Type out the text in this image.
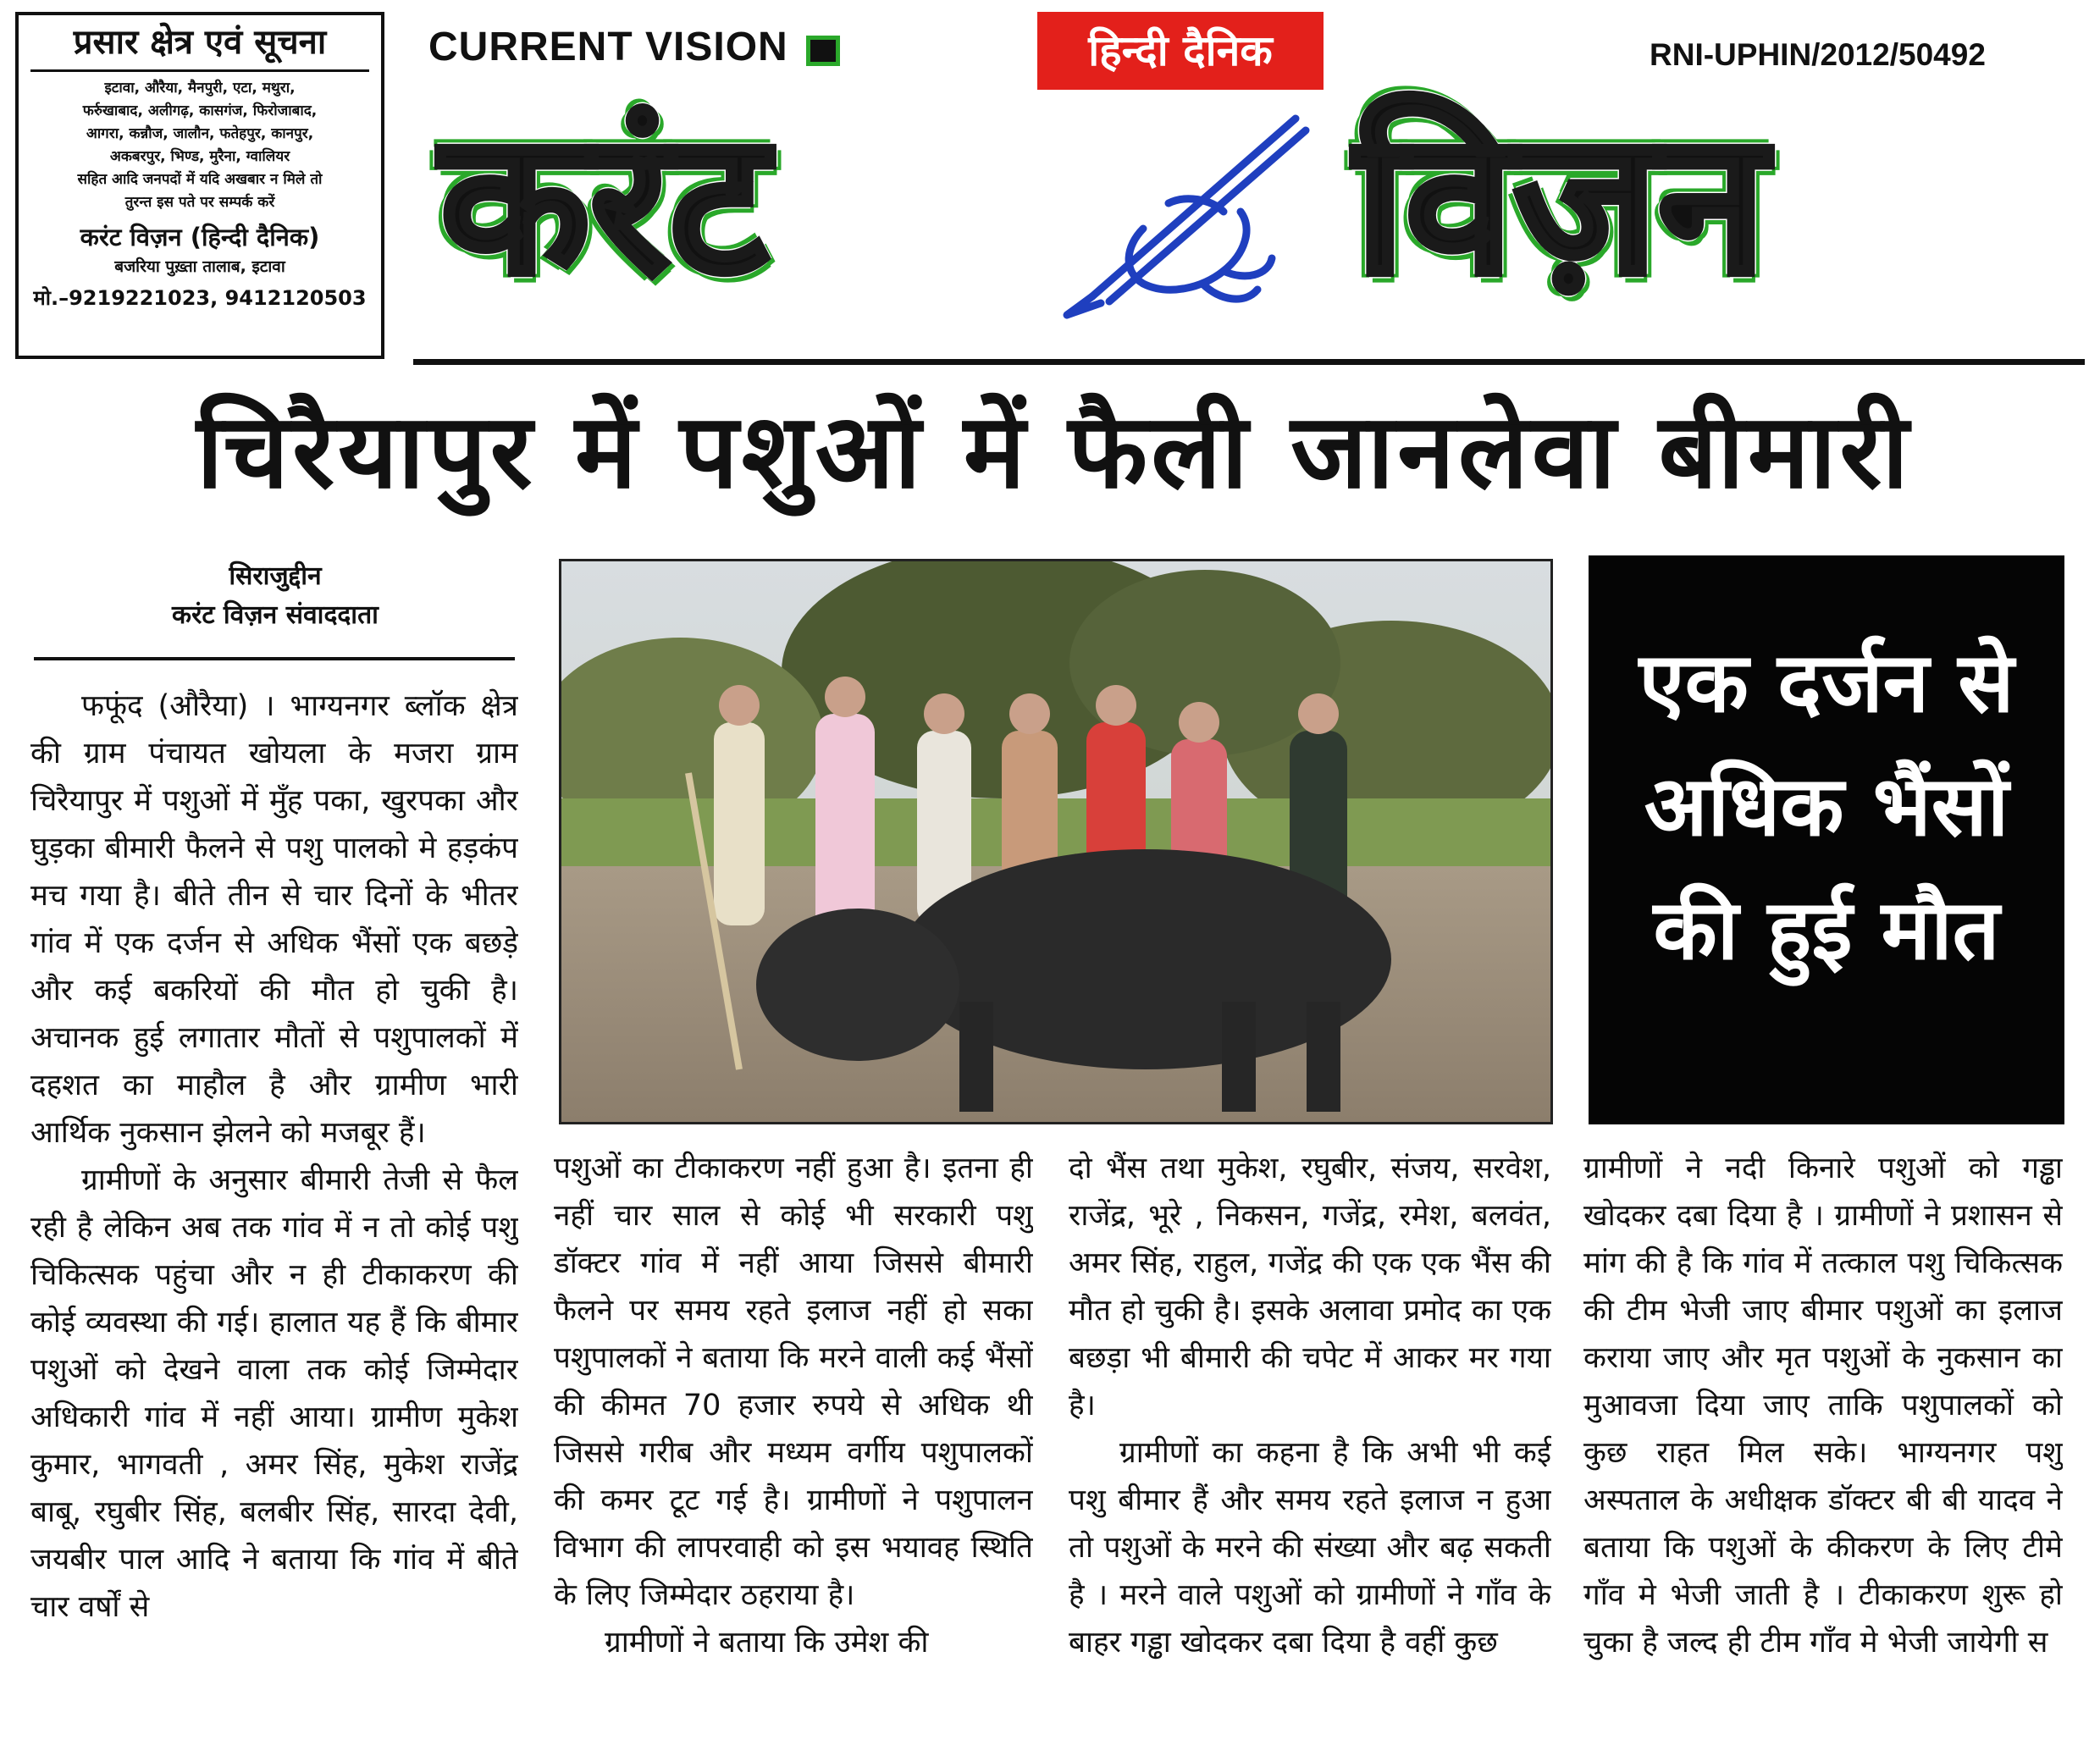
प्रसार क्षेत्र एवं सूचना
इटावा, औरैया, मैनपुरी, एटा, मथुरा,
फर्रुखाबाद, अलीगढ़, कासगंज, फिरोजाबाद,
आगरा, कन्नौज, जालौन, फतेहपुर, कानपुर,
अकबरपुर, भिण्ड, मुरैना, ग्वालियर
सहित आदि जनपदों में यदि अखबार न मिले तो
तुरन्त इस पते पर सम्पर्क करें
करंट विज़न (हिन्दी दैनिक)
बजरिया पुख़्ता तालाब, इटावा
मो.–9219221023, 9412120503
CURRENT VISION	हिन्दी दैनिक	RNI-UPHIN/2012/50492
करंट	विज़न
चिरैयापुर में पशुओं में फैली जानलेवा बीमारी
सिराजुद्दीन
करंट विज़न संवाददाता

फफूंद (औरैया) । भाग्यनगर ब्लॉक क्षेत्र की ग्राम पंचायत खोयला के मजरा ग्राम चिरैयापुर में पशुओं में मुँह पका, खुरपका और घुड़का बीमारी फैलने से पशु पालको मे हड़कंप मच गया है। बीते तीन से चार दिनों के भीतर गांव में एक दर्जन से अधिक भैंसों एक बछड़े और कई बकरियों की मौत हो चुकी है। अचानक हुई लगातार मौतों से पशुपालकों में दहशत का माहौल है और ग्रामीण भारी आर्थिक नुकसान झेलने को मजबूर हैं।

ग्रामीणों के अनुसार बीमारी तेजी से फैल रही है लेकिन अब तक गांव में न तो कोई पशु चिकित्सक पहुंचा और न ही टीकाकरण की कोई व्यवस्था की गई। हालात यह हैं कि बीमार पशुओं को देखने वाला तक कोई जिम्मेदार अधिकारी गांव में नहीं आया। ग्रामीण मुकेश कुमार, भागवती , अमर सिंह, मुकेश राजेंद्र बाबू, रघुबीर सिंह, बलबीर सिंह, सारदा देवी, जयबीर पाल आदि ने बताया कि गांव में बीते चार वर्षों से

एक दर्जन से
अधिक भैंसों
की हुई मौत

पशुओं का टीकाकरण नहीं हुआ है। इतना ही नहीं चार साल से कोई भी सरकारी पशु डॉक्टर गांव में नहीं आया जिससे बीमारी फैलने पर समय रहते इलाज नहीं हो सका पशुपालकों ने बताया कि मरने वाली कई भैंसों की कीमत 70 हजार रुपये से अधिक थी जिससे गरीब और मध्यम वर्गीय पशुपालकों की कमर टूट गई है। ग्रामीणों ने पशुपालन विभाग की लापरवाही को इस भयावह स्थिति के लिए जिम्मेदार ठहराया है।

ग्रामीणों ने बताया कि उमेश की

दो भैंस तथा मुकेश, रघुबीर, संजय, सरवेश, राजेंद्र, भूरे , निकसन, गजेंद्र, रमेश, बलवंत, अमर सिंह, राहुल, गजेंद्र की एक एक भैंस की मौत हो चुकी है। इसके अलावा प्रमोद का एक बछड़ा भी बीमारी की चपेट में आकर मर गया है।

ग्रामीणों का कहना है कि अभी भी कई पशु बीमार हैं और समय रहते इलाज न हुआ तो पशुओं के मरने की संख्या और बढ़ सकती है । मरने वाले पशुओं को ग्रामीणों ने गाँव के बाहर गड्ढा खोदकर दबा दिया है वहीं कुछ

ग्रामीणों ने नदी किनारे पशुओं को गड्ढा खोदकर दबा दिया है । ग्रामीणों ने प्रशासन से मांग की है कि गांव में तत्काल पशु चिकित्सक की टीम भेजी जाए बीमार पशुओं का इलाज कराया जाए और मृत पशुओं के नुकसान का मुआवजा दिया जाए ताकि पशुपालकों को कुछ राहत मिल सके। भाग्यनगर पशु अस्पताल के अधीक्षक डॉक्टर बी बी यादव ने बताया कि पशुओं के कीकरण के लिए टीमे गाँव मे भेजी जाती है । टीकाकरण शुरू हो चुका है जल्द ही टीम गाँव मे भेजी जायेगी स
